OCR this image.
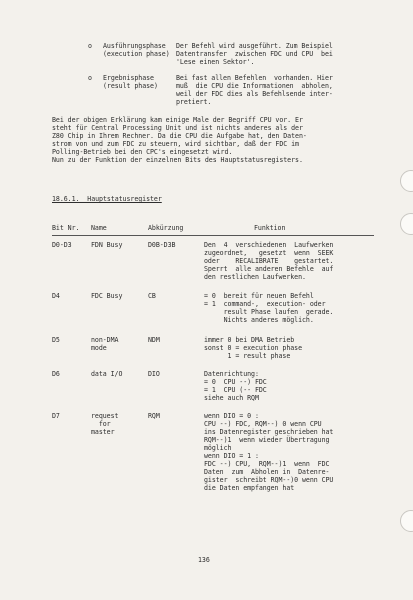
o Ausführungsphase
(execution phase)
Der Befehl wird ausgeführt. Zum Beispiel
Datentransfer  zwischen FDC und CPU  bei
'Lese einen Sektor'.
o Ergebnisphase
(result phase)
Bei fast allen Befehlen  vorhanden. Hier
muß  die CPU die Informationen  abholen,
weil der FDC dies als Befehlsende inter-
pretiert.
Bei der obigen Erklärung kam einige Male der Begriff CPU vor. Er
steht für Central Processing Unit und ist nichts anderes als der
Z80 Chip in Ihrem Rechner. Da die CPU die Aufgabe hat, den Daten-
strom von und zum FDC zu steuern, wird sichtbar, daß der FDC im
Polling-Betrieb bei den CPC's eingesetzt wird.
Nun zu der Funktion der einzelnen Bits des Hauptstatusregisters.
18.6.1.  Hauptstatusregister
Bit Nr. Name	Abkürzung	Funktion
D0-D3	FDN Busy	D0B-D3B	Den  4  verschiedenen  Laufwerken
zugeordnet,   gesetzt  wenn  SEEK
oder    RECALIBRATE    gestartet.
Sperrt  alle anderen Befehle  auf
den restlichen Laufwerken.
D4	FDC Busy	CB	= 0  bereit für neuen Befehl
= 1  command-,  execution- oder
result Phase laufen  gerade.
Nichts anderes möglich.
D5	non-DMA
mode
NDM	immer 0 bei DMA Betrieb
sonst 0 = execution phase
1 = result phase
D6	data I/O	DIO	Datenrichtung:
= 0  CPU --) FDC
= 1  CPU (-- FDC
siehe auch RQM
D7	request
for
master
RQM	wenn DIO = 0 :
CPU --) FDC, RQM--) 0 wenn CPU
ins Datenregister geschrieben hat
RQM--)1  wenn wieder Übertragung
möglich
wenn DIO = 1 :
FDC --) CPU,  RQM--)1  wenn  FDC
Daten  zum  Abholen in  Datenre-
gister  schreibt RQM--)0 wenn CPU
die Daten empfangen hat
136
